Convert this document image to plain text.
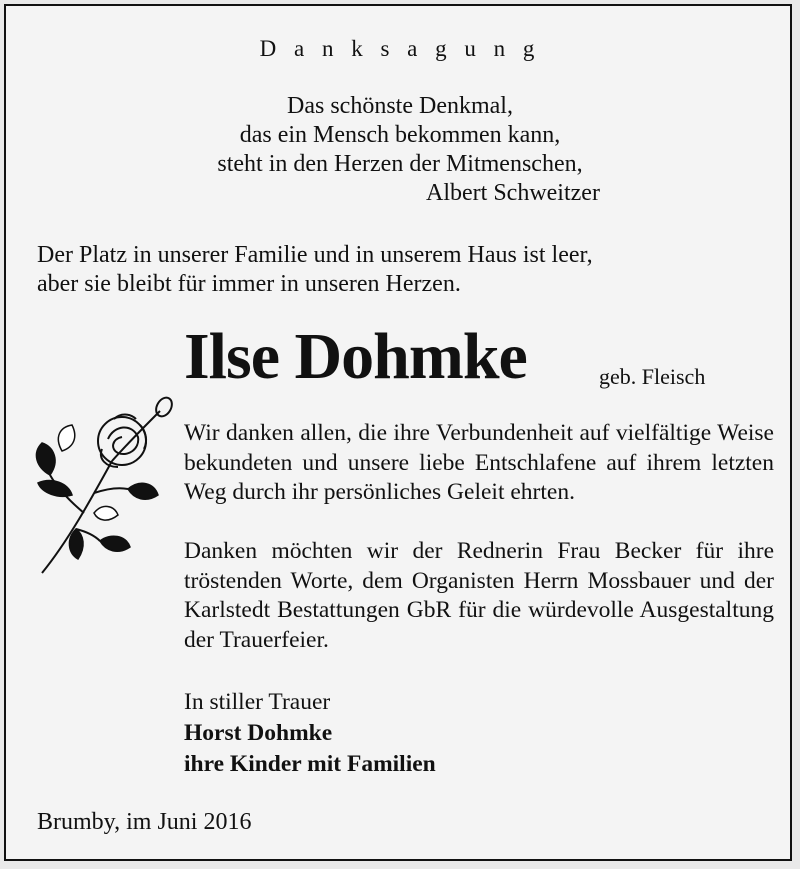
D a n k s a g u n g
Das schönste Denkmal,
das ein Mensch bekommen kann,
steht in den Herzen der Mitmenschen,
Albert Schweitzer
Der Platz in unserer Familie und in unserem Haus ist leer,
aber sie bleibt für immer in unseren Herzen.
Ilse Dohmke	geb. Fleisch
Wir danken allen, die ihre Verbundenheit auf vielfältige Weise bekundeten und unsere liebe Entschlafene auf ihrem letzten Weg durch ihr persönliches Geleit ehrten.
Danken möchten wir der Rednerin Frau Becker für ihre tröstenden Worte, dem Organisten Herrn Mossbauer und der Karlstedt Bestattungen GbR für die würdevolle Ausgestaltung der Trauerfeier.
In stiller Trauer
Horst Dohmke
ihre Kinder mit Familien
Brumby, im Juni 2016
